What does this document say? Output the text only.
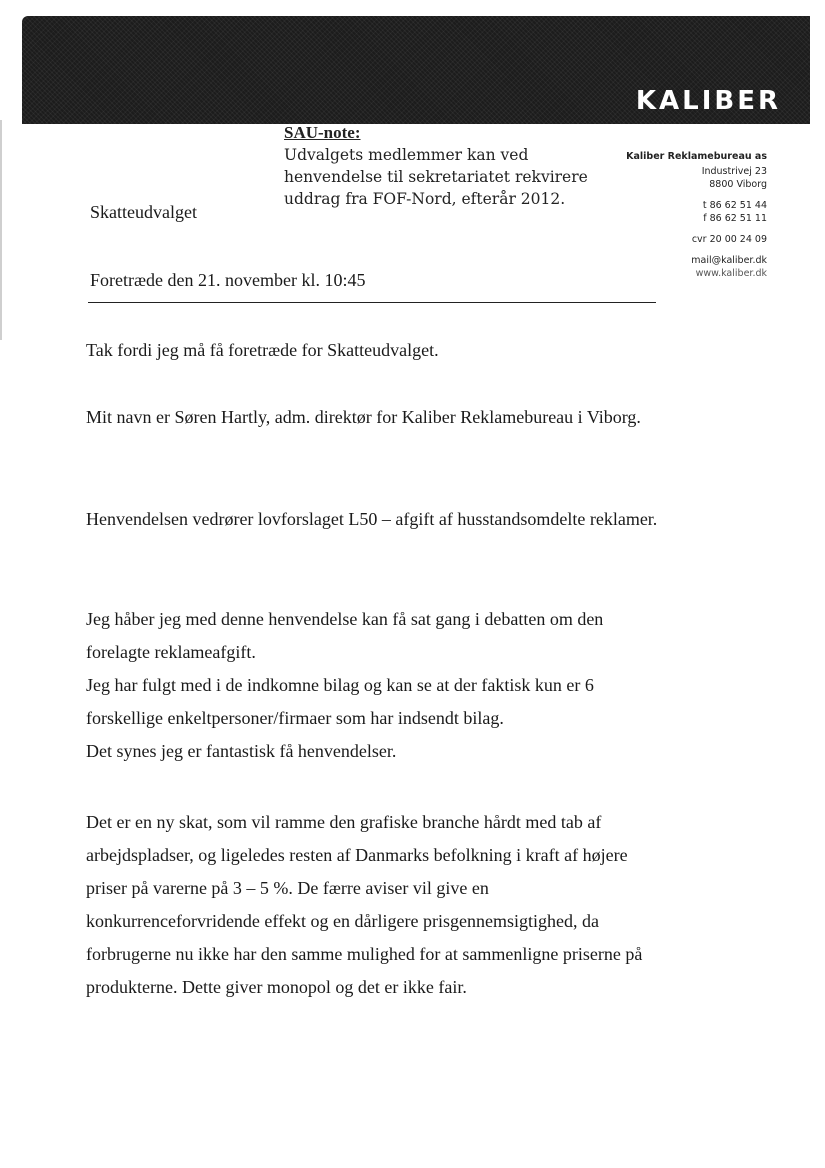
KALIBER
SAU-note:
Udvalgets medlemmer kan ved
henvendelse til sekretariatet rekvirere
uddrag fra FOF-Nord, efterår 2012.
Skatteudvalget
Foretræde den 21. november kl. 10:45
Kaliber Reklamebureau as
Industrivej 23
8800 Viborg
t 86 62 51 44
f 86 62 51 11
cvr 20 00 24 09
mail@kaliber.dk
www.kaliber.dk

Tak fordi jeg må få foretræde for Skatteudvalget.

Mit navn er Søren Hartly, adm. direktør for Kaliber Reklamebureau i Viborg.

Henvendelsen vedrører lovforslaget L50 – afgift af husstandsomdelte reklamer.

Jeg håber jeg med denne henvendelse kan få sat gang i debatten om den forelagte reklameafgift.

Jeg har fulgt med i de indkomne bilag og kan se at der faktisk kun er 6 forskellige enkeltpersoner/firmaer som har indsendt bilag.

Det synes jeg er fantastisk få henvendelser.

Det er en ny skat, som vil ramme den grafiske branche hårdt med tab af arbejdspladser, og ligeledes resten af Danmarks befolkning i kraft af højere priser på varerne på 3 – 5 %. De færre aviser vil give en konkurrenceforvridende effekt og en dårligere prisgennemsigtighed, da forbrugerne nu ikke har den samme mulighed for at sammenligne priserne på produkterne. Dette giver monopol og det er ikke fair.
